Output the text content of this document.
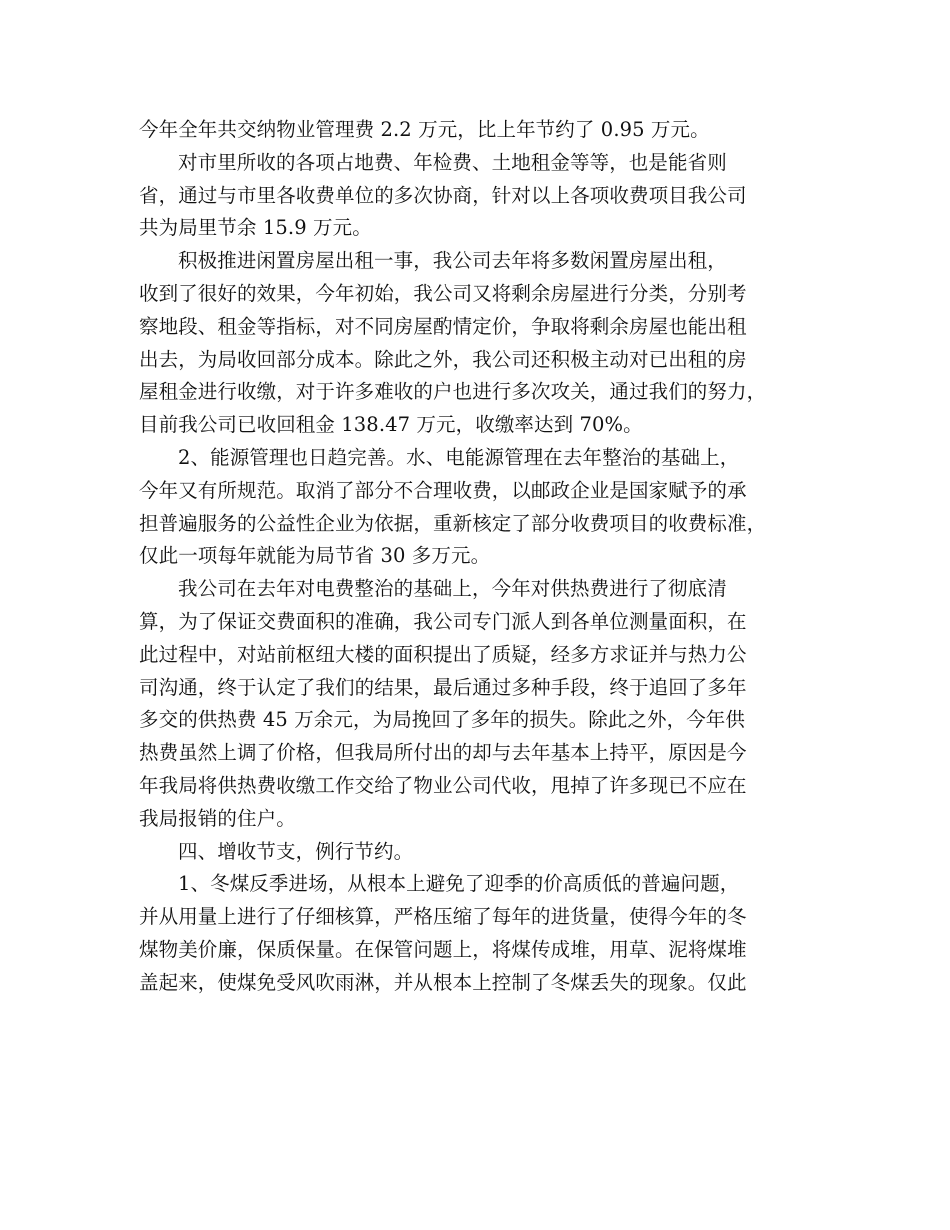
今年全年共交纳物业管理费 2.2 万元，比上年节约了 0.95 万元。
对市里所收的各项占地费、年检费、土地租金等等，也是能省则
省，通过与市里各收费单位的多次协商，针对以上各项收费项目我公司
共为局里节余 15.9 万元。
积极推进闲置房屋出租一事，我公司去年将多数闲置房屋出租，
收到了很好的效果，今年初始，我公司又将剩余房屋进行分类，分别考
察地段、租金等指标，对不同房屋酌情定价，争取将剩余房屋也能出租
出去，为局收回部分成本。除此之外，我公司还积极主动对已出租的房
屋租金进行收缴，对于许多难收的户也进行多次攻关，通过我们的努力，
目前我公司已收回租金 138.47 万元，收缴率达到 70%。
2、能源管理也日趋完善。水、电能源管理在去年整治的基础上，
今年又有所规范。取消了部分不合理收费，以邮政企业是国家赋予的承
担普遍服务的公益性企业为依据，重新核定了部分收费项目的收费标准，
仅此一项每年就能为局节省 30 多万元。
我公司在去年对电费整治的基础上，今年对供热费进行了彻底清
算，为了保证交费面积的准确，我公司专门派人到各单位测量面积，在
此过程中，对站前枢纽大楼的面积提出了质疑，经多方求证并与热力公
司沟通，终于认定了我们的结果，最后通过多种手段，终于追回了多年
多交的供热费 45 万余元，为局挽回了多年的损失。除此之外，今年供
热费虽然上调了价格，但我局所付出的却与去年基本上持平，原因是今
年我局将供热费收缴工作交给了物业公司代收，甩掉了许多现已不应在
我局报销的住户。
四、增收节支，例行节约。
1、冬煤反季进场，从根本上避免了迎季的价高质低的普遍问题，
并从用量上进行了仔细核算，严格压缩了每年的进货量，使得今年的冬
煤物美价廉，保质保量。在保管问题上，将煤传成堆，用草、泥将煤堆
盖起来，使煤免受风吹雨淋，并从根本上控制了冬煤丢失的现象。仅此
